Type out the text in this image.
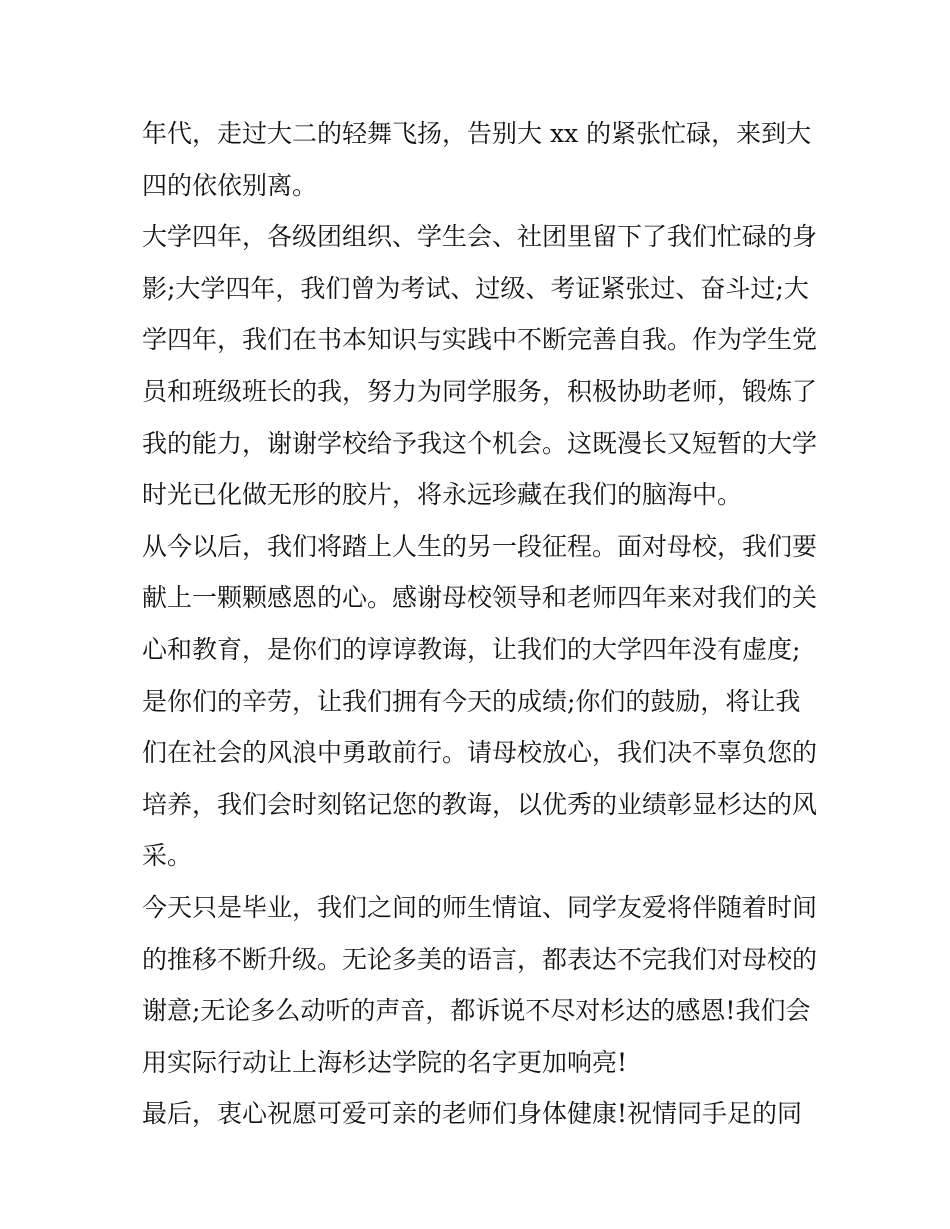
年代，走过大二的轻舞飞扬，告别大 xx 的紧张忙碌，来到大
四的依依别离。
大学四年，各级团组织、学生会、社团里留下了我们忙碌的身
影;大学四年，我们曾为考试、过级、考证紧张过、奋斗过;大
学四年，我们在书本知识与实践中不断完善自我。作为学生党
员和班级班长的我，努力为同学服务，积极协助老师，锻炼了
我的能力，谢谢学校给予我这个机会。这既漫长又短暂的大学
时光已化做无形的胶片，将永远珍藏在我们的脑海中。
从今以后，我们将踏上人生的另一段征程。面对母校，我们要
献上一颗颗感恩的心。感谢母校领导和老师四年来对我们的关
心和教育，是你们的谆谆教诲，让我们的大学四年没有虚度;
是你们的辛劳，让我们拥有今天的成绩;你们的鼓励，将让我
们在社会的风浪中勇敢前行。请母校放心，我们决不辜负您的
培养，我们会时刻铭记您的教诲，以优秀的业绩彰显杉达的风
采。
今天只是毕业，我们之间的师生情谊、同学友爱将伴随着时间
的推移不断升级。无论多美的语言，都表达不完我们对母校的
谢意;无论多么动听的声音，都诉说不尽对杉达的感恩!我们会
用实际行动让上海杉达学院的名字更加响亮!
最后，衷心祝愿可爱可亲的老师们身体健康!祝情同手足的同
